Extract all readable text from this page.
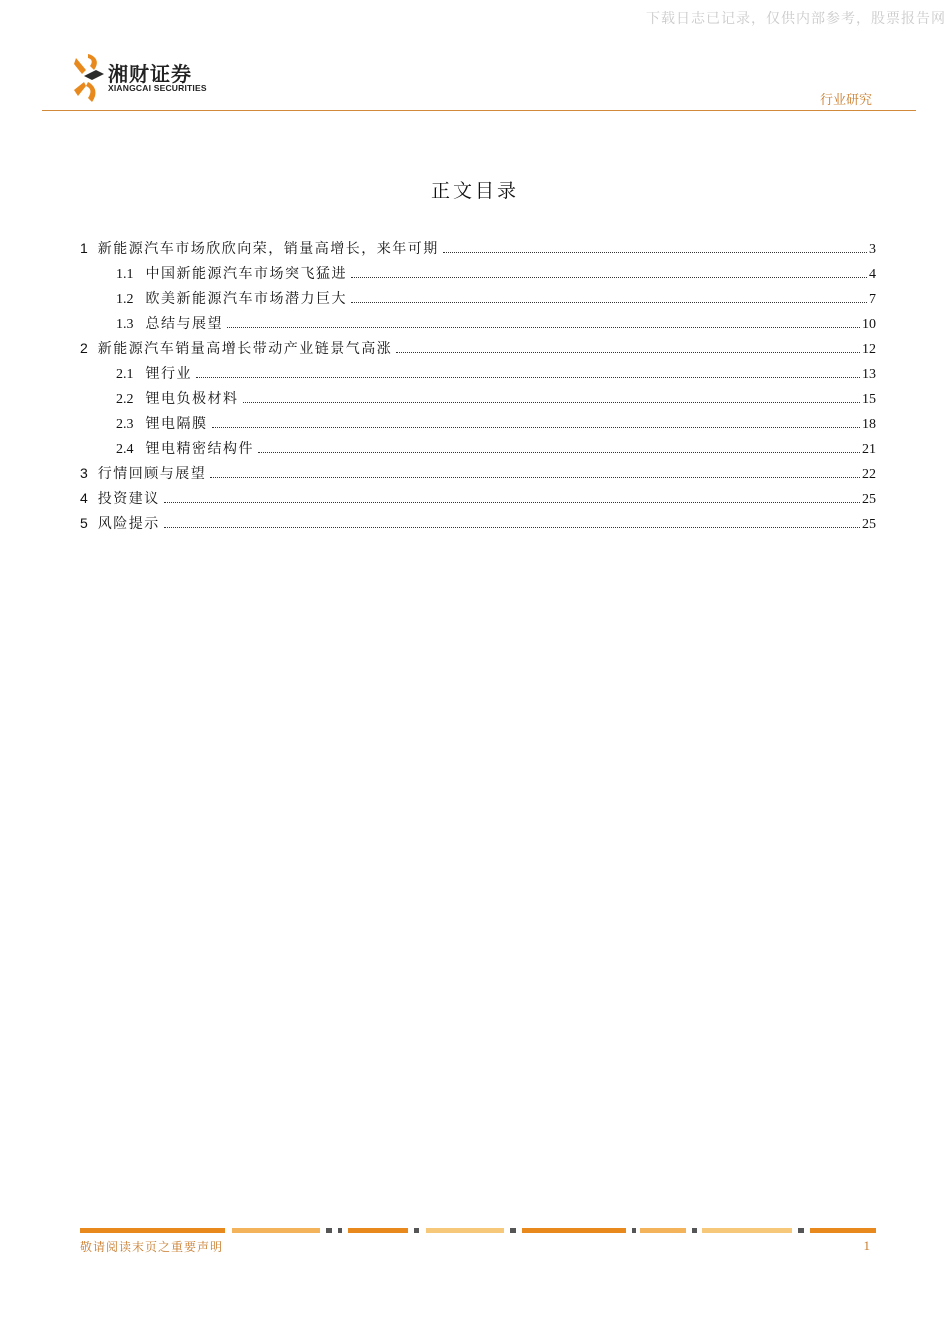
下载日志已记录，仅供内部参考，股票报告网
湘财证券
XIANGCAI SECURITIES
行业研究
正文目录
1 新能源汽车市场欣欣向荣，销量高增长，来年可期	3
1.1 中国新能源汽车市场突飞猛进	4
1.2 欧美新能源汽车市场潜力巨大	7
1.3 总结与展望	10
2 新能源汽车销量高增长带动产业链景气高涨	12
2.1 锂行业	13
2.2 锂电负极材料	15
2.3 锂电隔膜	18
2.4 锂电精密结构件	21
3 行情回顾与展望	22
4 投资建议	25
5 风险提示	25
敬请阅读末页之重要声明	1
